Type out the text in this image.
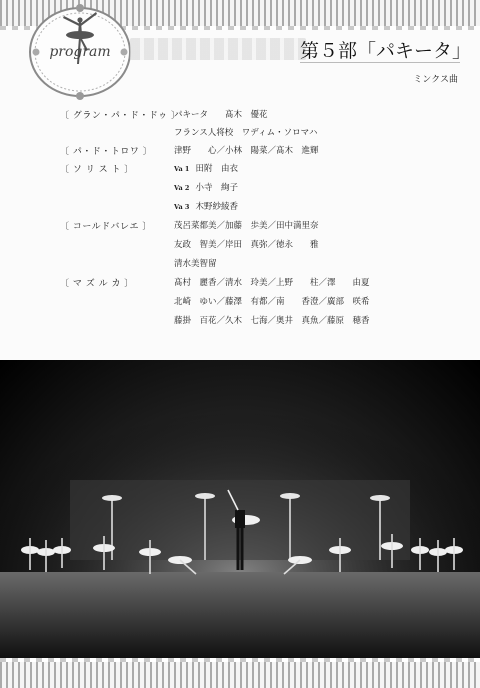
program	第５部「パキータ」
ミンクス曲
〔 グラン・パ・ド・ドゥ 〕
パキータ　　髙木　優花
フランス人将校　ワディム・ソロマハ
〔 パ・ド・トロワ 〕	津野　　心／小林　陽菜／髙木　進輝
〔 ソ リ ス ト 〕	Va 1 田附　由衣
Va 2 小寺　絢子
Va 3 木野紗綾香
〔 コールドバレエ 〕	茂呂菜都美／加藤　歩美／田中満里奈
友政　智美／岸田　真弥／徳永　　雅
清水美智留
〔 マ ズ ル カ 〕	髙村　麗香／清水　玲美／上野　　柱／澤　　由夏
北崎　ゆい／藤澤　有都／南　　香澄／廣部　咲希
藤掛　百花／久木　七海／奥井　真魚／藤原　穂香
